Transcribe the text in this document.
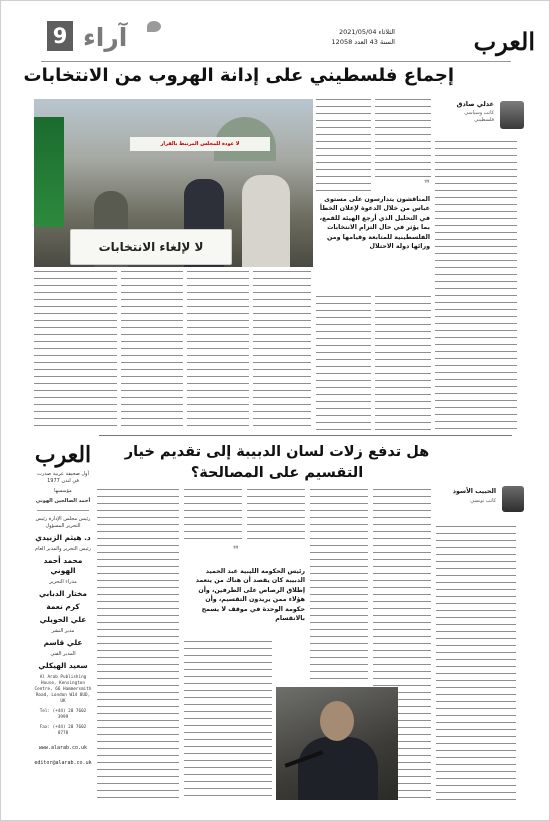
العرب
الثلاثاء 2021/05/04
السنة 43 العدد 12058
آراء
9
إجماع فلسطيني على إدانة الهروب من الانتخابات
عدلي صادق
كاتب وسياسي فلسطيني
لا عودة للمجلس المرتبط بالقرار
لا لإلغاء الانتخابات
❞
المناقشون يتدارسون على مستوى عباس من خلال الدعوة لإعلان الخطأ في التحليل الذي أرجع الهيئة للقمع، بما يؤثر في حال التزام الانتخابات الفلسطينية للمتابعة وقيامها ومن ورائها دولة الاحتلال
هل تدفع زلات لسان الدبيبة إلى تقديم خيار التقسيم على المصالحة؟
الحبيب الأسود
كاتب تونسي
❞
رئيس الحكومة الليبية عبد الحميد الدبيبة كان يقصد أن هناك من يتعمد إطلاق الرصاص على الطرفين، وأن هؤلاء ممن يريدون التقسيم، وأن حكومة الوحدة في موقف لا يسمح بالانقسام
العرب
أول صحيفة عربية صدرت في لندن 1977
مؤسسها
أحمد الصالحين الهوني
رئيس مجلس الإدارة رئيس التحرير المسؤول
د. هيثم الزبيدي
رئيس التحرير والمدير العام
محمد أحمد الهوني
مدراء التحرير
مختار الدبابي
كرم نعمة
علي الحويلي
مدير النشر
علي قاسم
المدير الفني
سعيد الهيكلي
Al Arab Publishing House, Kensington Centre, 66 Hammersmith Road, London W14 8UD, UK
Tel: (+44) 20 7602 3999
Fax: (+44) 20 7602 8778
www.alarab.co.uk
editor@alarab.co.uk
